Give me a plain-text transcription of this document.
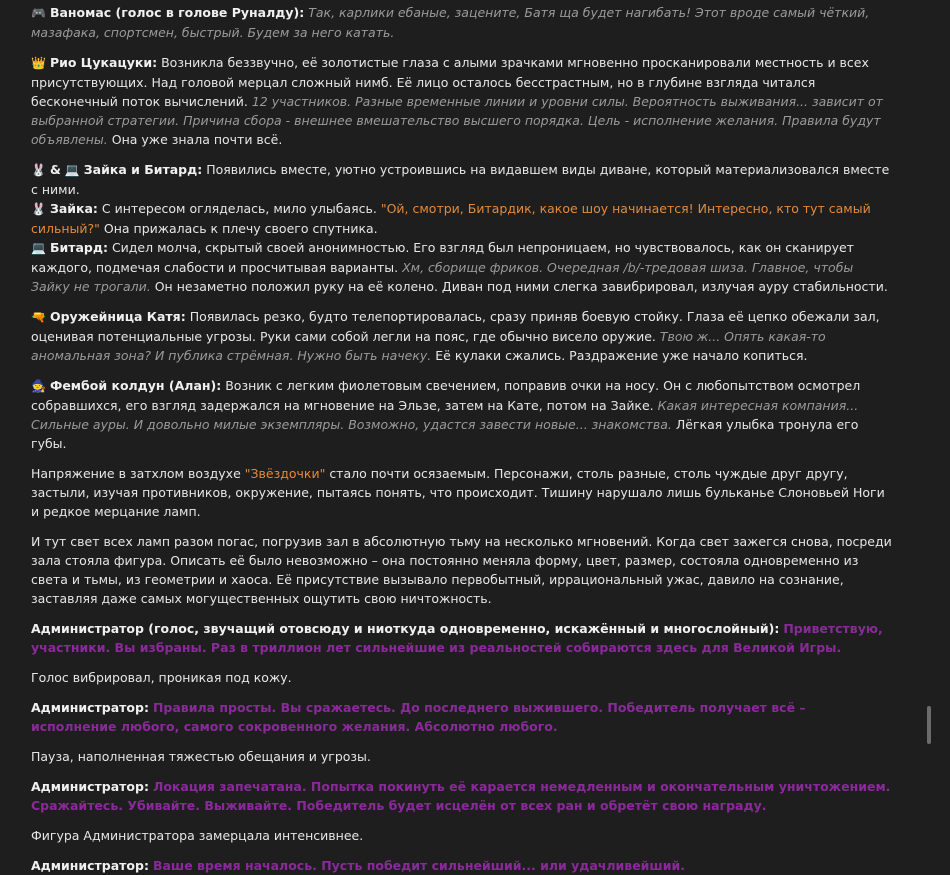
🎮 Ваномас (голос в голове Руналду): Так, карлики ебаные, зацените, Батя ща будет нагибать! Этот вроде самый чёткий, мазафака, спортсмен, быстрый. Будем за него катать.

👑 Рио Цукацуки: Возникла беззвучно, её золотистые глаза с алыми зрачками мгновенно просканировали местность и всех присутствующих. Над головой мерцал сложный нимб. Её лицо осталось бесстрастным, но в глубине взгляда читался бесконечный поток вычислений. 12 участников. Разные временные линии и уровни силы. Вероятность выживания... зависит от выбранной стратегии. Причина сбора - внешнее вмешательство высшего порядка. Цель - исполнение желания. Правила будут объявлены. Она уже знала почти всё.

🐰 & 💻 Зайка и Битард: Появились вместе, уютно устроившись на видавшем виды диване, который материализовался вместе с ними.

🐰 Зайка: С интересом огляделась, мило улыбаясь. "Ой, смотри, Битардик, какое шоу начинается! Интересно, кто тут самый сильный?" Она прижалась к плечу своего спутника.

💻 Битард: Сидел молча, скрытый своей анонимностью. Его взгляд был непроницаем, но чувствовалось, как он сканирует каждого, подмечая слабости и просчитывая варианты. Хм, сборище фриков. Очередная /b/-тредовая шиза. Главное, чтобы Зайку не трогали. Он незаметно положил руку на её колено. Диван под ними слегка завибрировал, излучая ауру стабильности.

🔫 Оружейница Катя: Появилась резко, будто телепортировалась, сразу приняв боевую стойку. Глаза её цепко обежали зал, оценивая потенциальные угрозы. Руки сами собой легли на пояс, где обычно висело оружие. Твою ж... Опять какая-то аномальная зона? И публика стрёмная. Нужно быть начеку. Её кулаки сжались. Раздражение уже начало копиться.

🧙 Фембой колдун (Алан): Возник с легким фиолетовым свечением, поправив очки на носу. Он с любопытством осмотрел собравшихся, его взгляд задержался на мгновение на Эльзе, затем на Кате, потом на Зайке. Какая интересная компания... Сильные ауры. И довольно милые экземпляры. Возможно, удастся завести новые... знакомства. Лёгкая улыбка тронула его губы.

Напряжение в затхлом воздухе "Звёздочки" стало почти осязаемым. Персонажи, столь разные, столь чуждые друг другу, застыли, изучая противников, окружение, пытаясь понять, что происходит. Тишину нарушало лишь бульканье Слоновьей Ноги и редкое мерцание ламп.

И тут свет всех ламп разом погас, погрузив зал в абсолютную тьму на несколько мгновений. Когда свет зажегся снова, посреди зала стояла фигура. Описать её было невозможно – она постоянно меняла форму, цвет, размер, состояла одновременно из света и тьмы, из геометрии и хаоса. Её присутствие вызывало первобытный, иррациональный ужас, давило на сознание, заставляя даже самых могущественных ощутить свою ничтожность.

Администратор (голос, звучащий отовсюду и ниоткуда одновременно, искажённый и многослойный): Приветствую, участники. Вы избраны. Раз в триллион лет сильнейшие из реальностей собираются здесь для Великой Игры.

Голос вибрировал, проникая под кожу.

Администратор: Правила просты. Вы сражаетесь. До последнего выжившего. Победитель получает всё – исполнение любого, самого сокровенного желания. Абсолютно любого.

Пауза, наполненная тяжестью обещания и угрозы.

Администратор: Локация запечатана. Попытка покинуть её карается немедленным и окончательным уничтожением. Сражайтесь. Убивайте. Выживайте. Победитель будет исцелён от всех ран и обретёт свою награду.

Фигура Администратора замерцала интенсивнее.

Администратор: Ваше время началось. Пусть победит сильнейший... или удачливейший.
